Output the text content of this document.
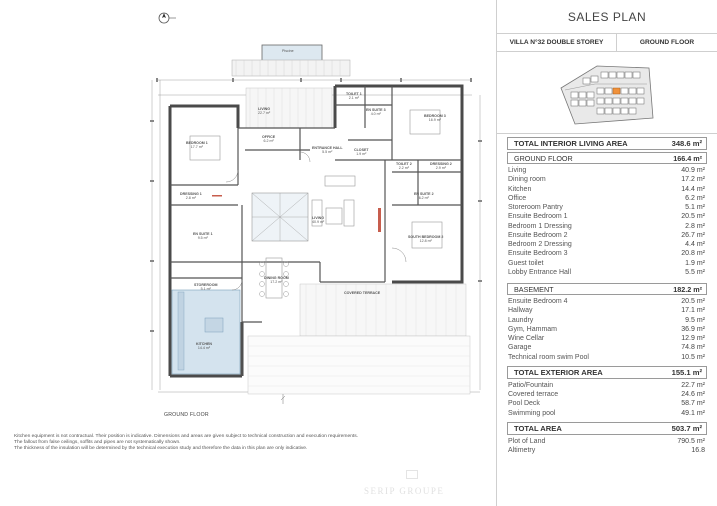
Piscine
LIVING
22.7 m²
TOILET 1
2.1 m²
EN SUITE 3
4.0 m²	BEDROOM 3
16.9 m²
BEDROOM 1
17.7 m²
OFFICE
6.2 m²
ENTRANCE HALL
5.5 m²	CLOSET
1.9 m²
TOILET 2
2.2 m²
DRESSING 2
2.9 m²
DRESSING 1
2.8 m²
EN SUITE 2
6.2 m²
EN SUITE 1
9.5 m²
LIVING
40.9 m²
SOUTH BEDROOM 2
12.8 m²
DINING ROOM
17.2 m²
STOREROOM
5.1 m²
COVERED TERRACE
KITCHEN
14.4 m²
GROUND FLOOR

Kitchen equipment is not contractual. Their position is indicative. Dimensions and areas are given subject to technical construction and execution requirements.

The fallout from false ceilings, soffits and pipes are not systematically shown.

The thickness of the insulation will be determined by the technical execution study and therefore the data in this plan are only indicative.

SERIP GROUPE
SALES PLAN
VILLA N°32 DOUBLE STOREY	GROUND FLOOR
TOTAL INTERIOR LIVING AREA	348.6 m²
GROUND FLOOR	166.4 m²
Living	40.9 m²
Dining room	17.2 m²
Kitchen	14.4 m²
Office	6.2 m²
Storeroom Pantry	5.1 m²
Ensuite Bedroom 1	20.5 m²
Bedroom 1 Dressing	2.8 m²
Ensuite Bedroom 2	26.7 m²
Bedroom 2 Dressing	4.4 m²
Ensuite Bedroom 3	20.8 m²
Guest toilet	1.9 m²
Lobby Entrance Hall	5.5 m²
BASEMENT	182.2 m²
Ensuite Bedroom 4	20.5 m²
Hallway	17.1 m²
Laundry	9.5 m²
Gym, Hammam	36.9 m²
Wine Cellar	12.9 m²
Garage	74.8 m²
Technical room swim Pool	10.5 m²
TOTAL EXTERIOR AREA	155.1 m²
Patio/Fountain	22.7 m²
Covered terrace	24.6 m²
Pool Deck	58.7 m²
Swimming pool	49.1 m²
TOTAL AREA	503.7 m²
Plot of Land	790.5 m²
Altimetry	16.8
